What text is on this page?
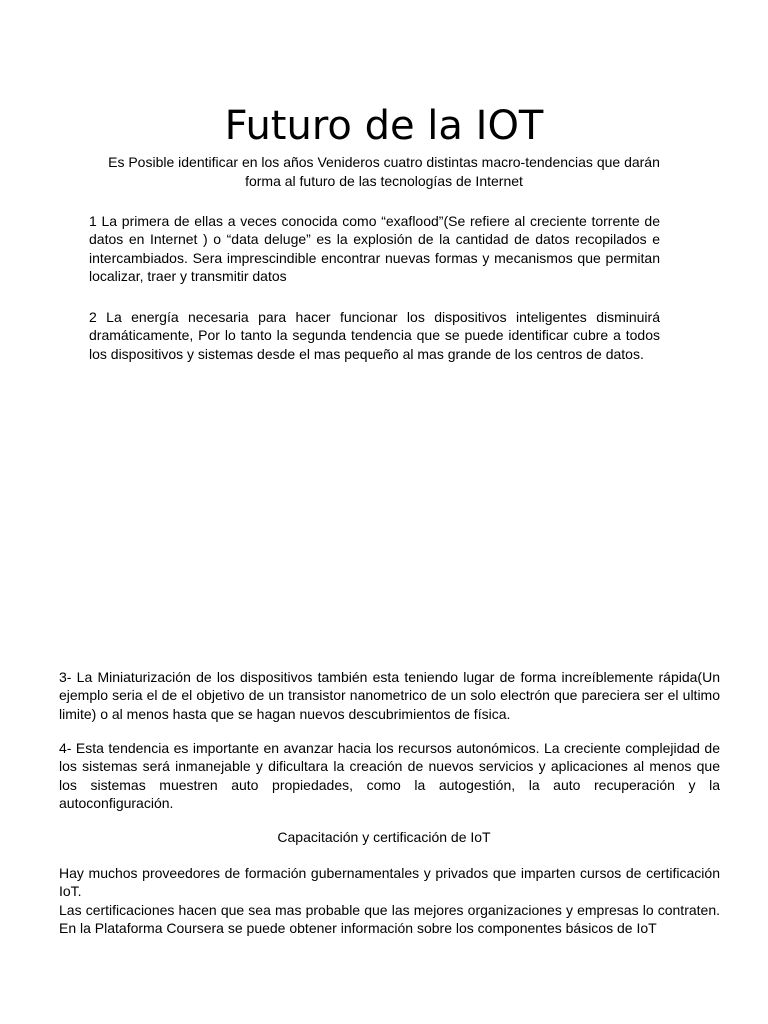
Futuro de la IOT
Es Posible identificar en los años Venideros cuatro distintas macro-tendencias que darán forma al futuro de las tecnologías de Internet

1 La primera de ellas a veces conocida como “exaflood”(Se refiere al creciente torrente de datos en Internet ) o “data deluge” es la explosión de la cantidad de datos recopilados e intercambiados. Sera imprescindible encontrar nuevas formas y mecanismos que permitan localizar, traer y transmitir datos

2 La energía necesaria para hacer funcionar los dispositivos inteligentes disminuirá dramáticamente, Por lo tanto la segunda tendencia que se puede identificar cubre a todos los dispositivos y sistemas desde el mas pequeño al mas grande de los centros de datos.

3- La Miniaturización de los dispositivos también esta teniendo lugar de forma increíblemente rápida(Un ejemplo seria el de el objetivo de un transistor nanometrico de un solo electrón que pareciera ser el ultimo limite) o al menos hasta que se hagan nuevos descubrimientos de física.

4- Esta tendencia es importante en avanzar hacia los recursos autonómicos. La creciente complejidad de los sistemas será inmanejable y dificultara la creación de nuevos servicios y aplicaciones al menos que los sistemas muestren auto propiedades, como la autogestión, la auto recuperación y la autoconfiguración.

Capacitación y certificación de IoT
Hay muchos proveedores de formación gubernamentales y privados que imparten cursos de certificación IoT.
Las certificaciones hacen que sea mas probable que las mejores organizaciones y empresas lo contraten. En la Plataforma Coursera se puede obtener información sobre los componentes básicos de IoT
